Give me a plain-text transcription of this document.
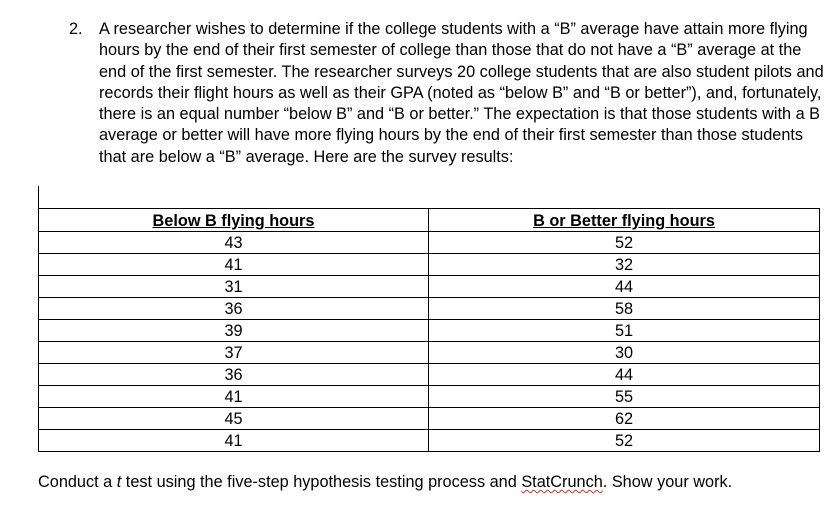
2. A researcher wishes to determine if the college students with a “B” average have attain more flying hours by the end of their first semester of college than those that do not have a “B” average at the end of the first semester. The researcher surveys 20 college students that are also student pilots and records their flight hours as well as their GPA (noted as “below B” and “B or better”), and, fortunately, there is an equal number “below B” and “B or better.” The expectation is that those students with a B average or better will have more flying hours by the end of their first semester than those students that are below a “B” average. Here are the survey results:
Below B flying hours	B or Better flying hours
43	52
41	32
31	44
36	58
39	51
37	30
36	44
41	55
45	62
41	52
Conduct a t test using the five-step hypothesis testing process and StatCrunch. Show your work.
